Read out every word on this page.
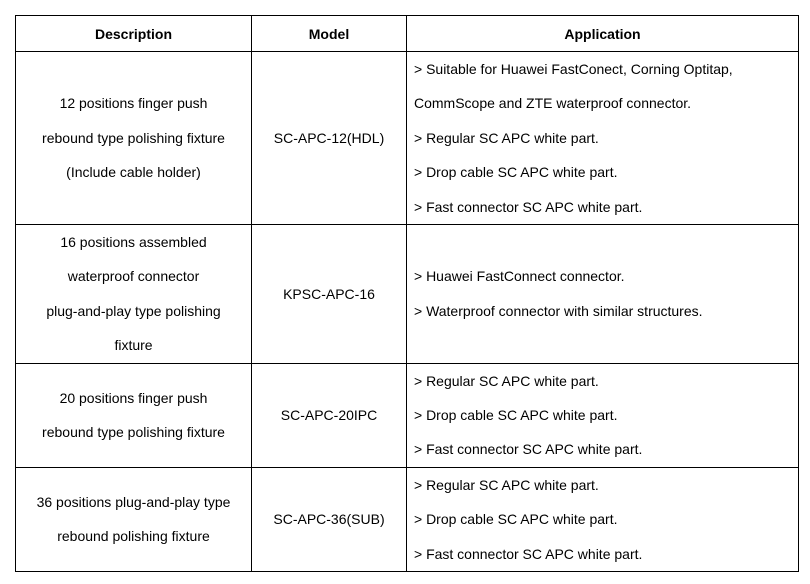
Description	Model	Application

12 positions finger push
rebound type polishing fixture
(Include cable holder)	SC-APC-12(HDL)	> Suitable for Huawei FastConect, Corning Optitap,
CommScope and ZTE waterproof connector.
> Regular SC APC white part.
> Drop cable SC APC white part.
> Fast connector SC APC white part.

16 positions assembled
waterproof connector
plug-and-play type polishing
fixture	KPSC-APC-16	> Huawei FastConnect connector.
> Waterproof connector with similar structures.

20 positions finger push
rebound type polishing fixture	SC-APC-20IPC	> Regular SC APC white part.
> Drop cable SC APC white part.
> Fast connector SC APC white part.

36 positions plug-and-play type
rebound polishing fixture	SC-APC-36(SUB)	> Regular SC APC white part.
> Drop cable SC APC white part.
> Fast connector SC APC white part.
